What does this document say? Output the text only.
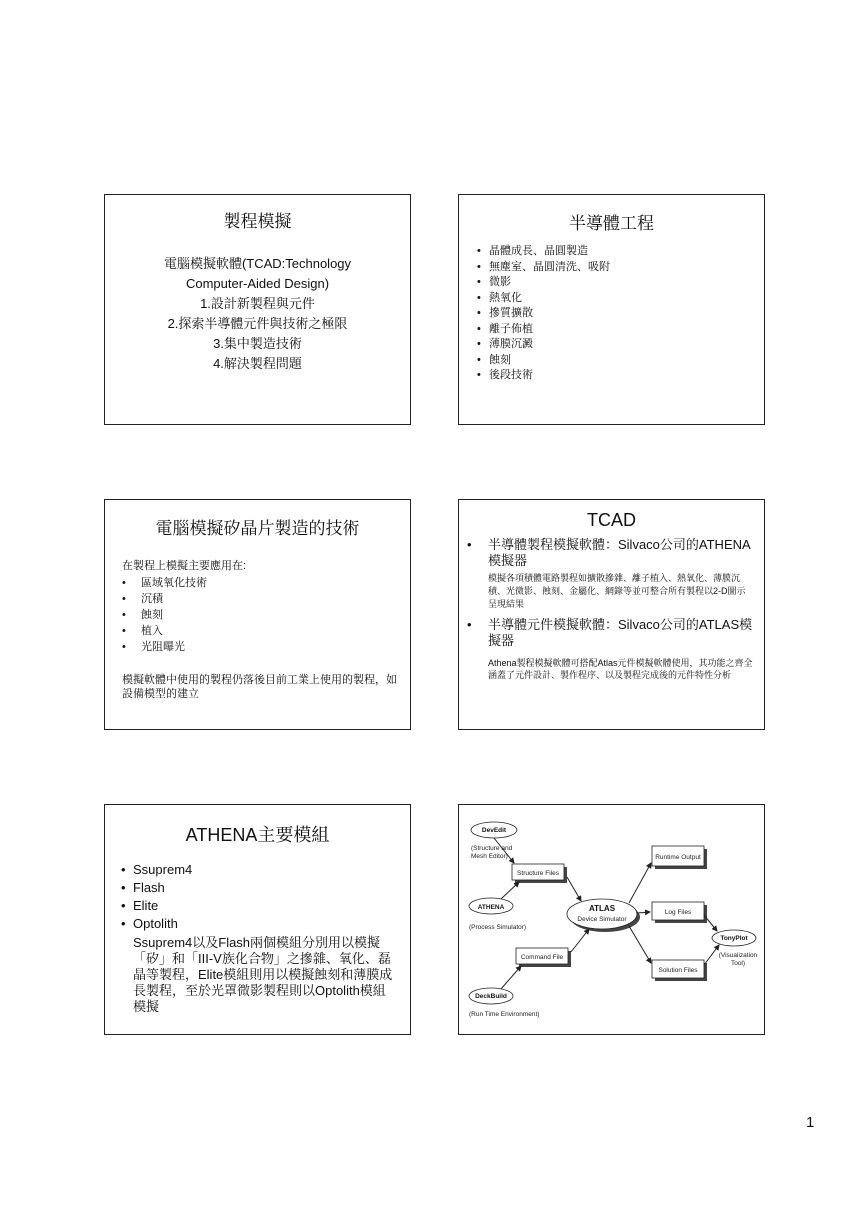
製程模擬
電腦模擬軟體(TCAD:Technology
Computer-Aided Design)
1.設計新製程與元件
2.探索半導體元件與技術之極限
3.集中製造技術
4.解決製程問題
半導體工程
• 晶體成長、晶圓製造
• 無塵室、晶圓清洗、吸附
• 微影
• 熱氧化
• 摻質擴散
• 離子佈植
• 薄膜沉澱
• 蝕刻
• 後段技術
電腦模擬矽晶片製造的技術
在製程上模擬主要應用在:
• 區域氧化技術
• 沉積
• 蝕刻
• 植入
• 光阻曝光
模擬軟體中使用的製程仍落後目前工業上使用的製程，如設備模型的建立
TCAD
• 半導體製程模擬軟體：Silvaco公司的ATHENA模擬器
模擬各項積體電路製程如擴散摻雜、離子植入、熱氧化、薄膜沉積、光微影、蝕刻、金屬化、網錄等並可整合所有製程以2-D圖示呈現結果
• 半導體元件模擬軟體：Silvaco公司的ATLAS模擬器
Athena製程模擬軟體可搭配Atlas元件模擬軟體使用，其功能之齊全涵蓋了元件設計、製作程序、以及製程完成後的元件特性分析
ATHENA主要模組
• Ssuprem4
• Flash
• Elite
• Optolith
Ssuprem4以及Flash兩個模組分別用以模擬「矽」和「III-V族化合物」之摻雜、氧化、磊晶等製程，Elite模組則用以模擬蝕刻和薄膜成長製程，至於光罩微影製程則以Optolith模組模擬
DevEdit
(Structure and
Mesh Editor)
ATHENA
(Process Simulator)
DeckBuild
(Run Time Environment)
Structure Files
Command File
ATLAS
Device Simulator
Runtime Output
Log Files
Solution Files
TonyPlot
(Visualization
Tool)
1
